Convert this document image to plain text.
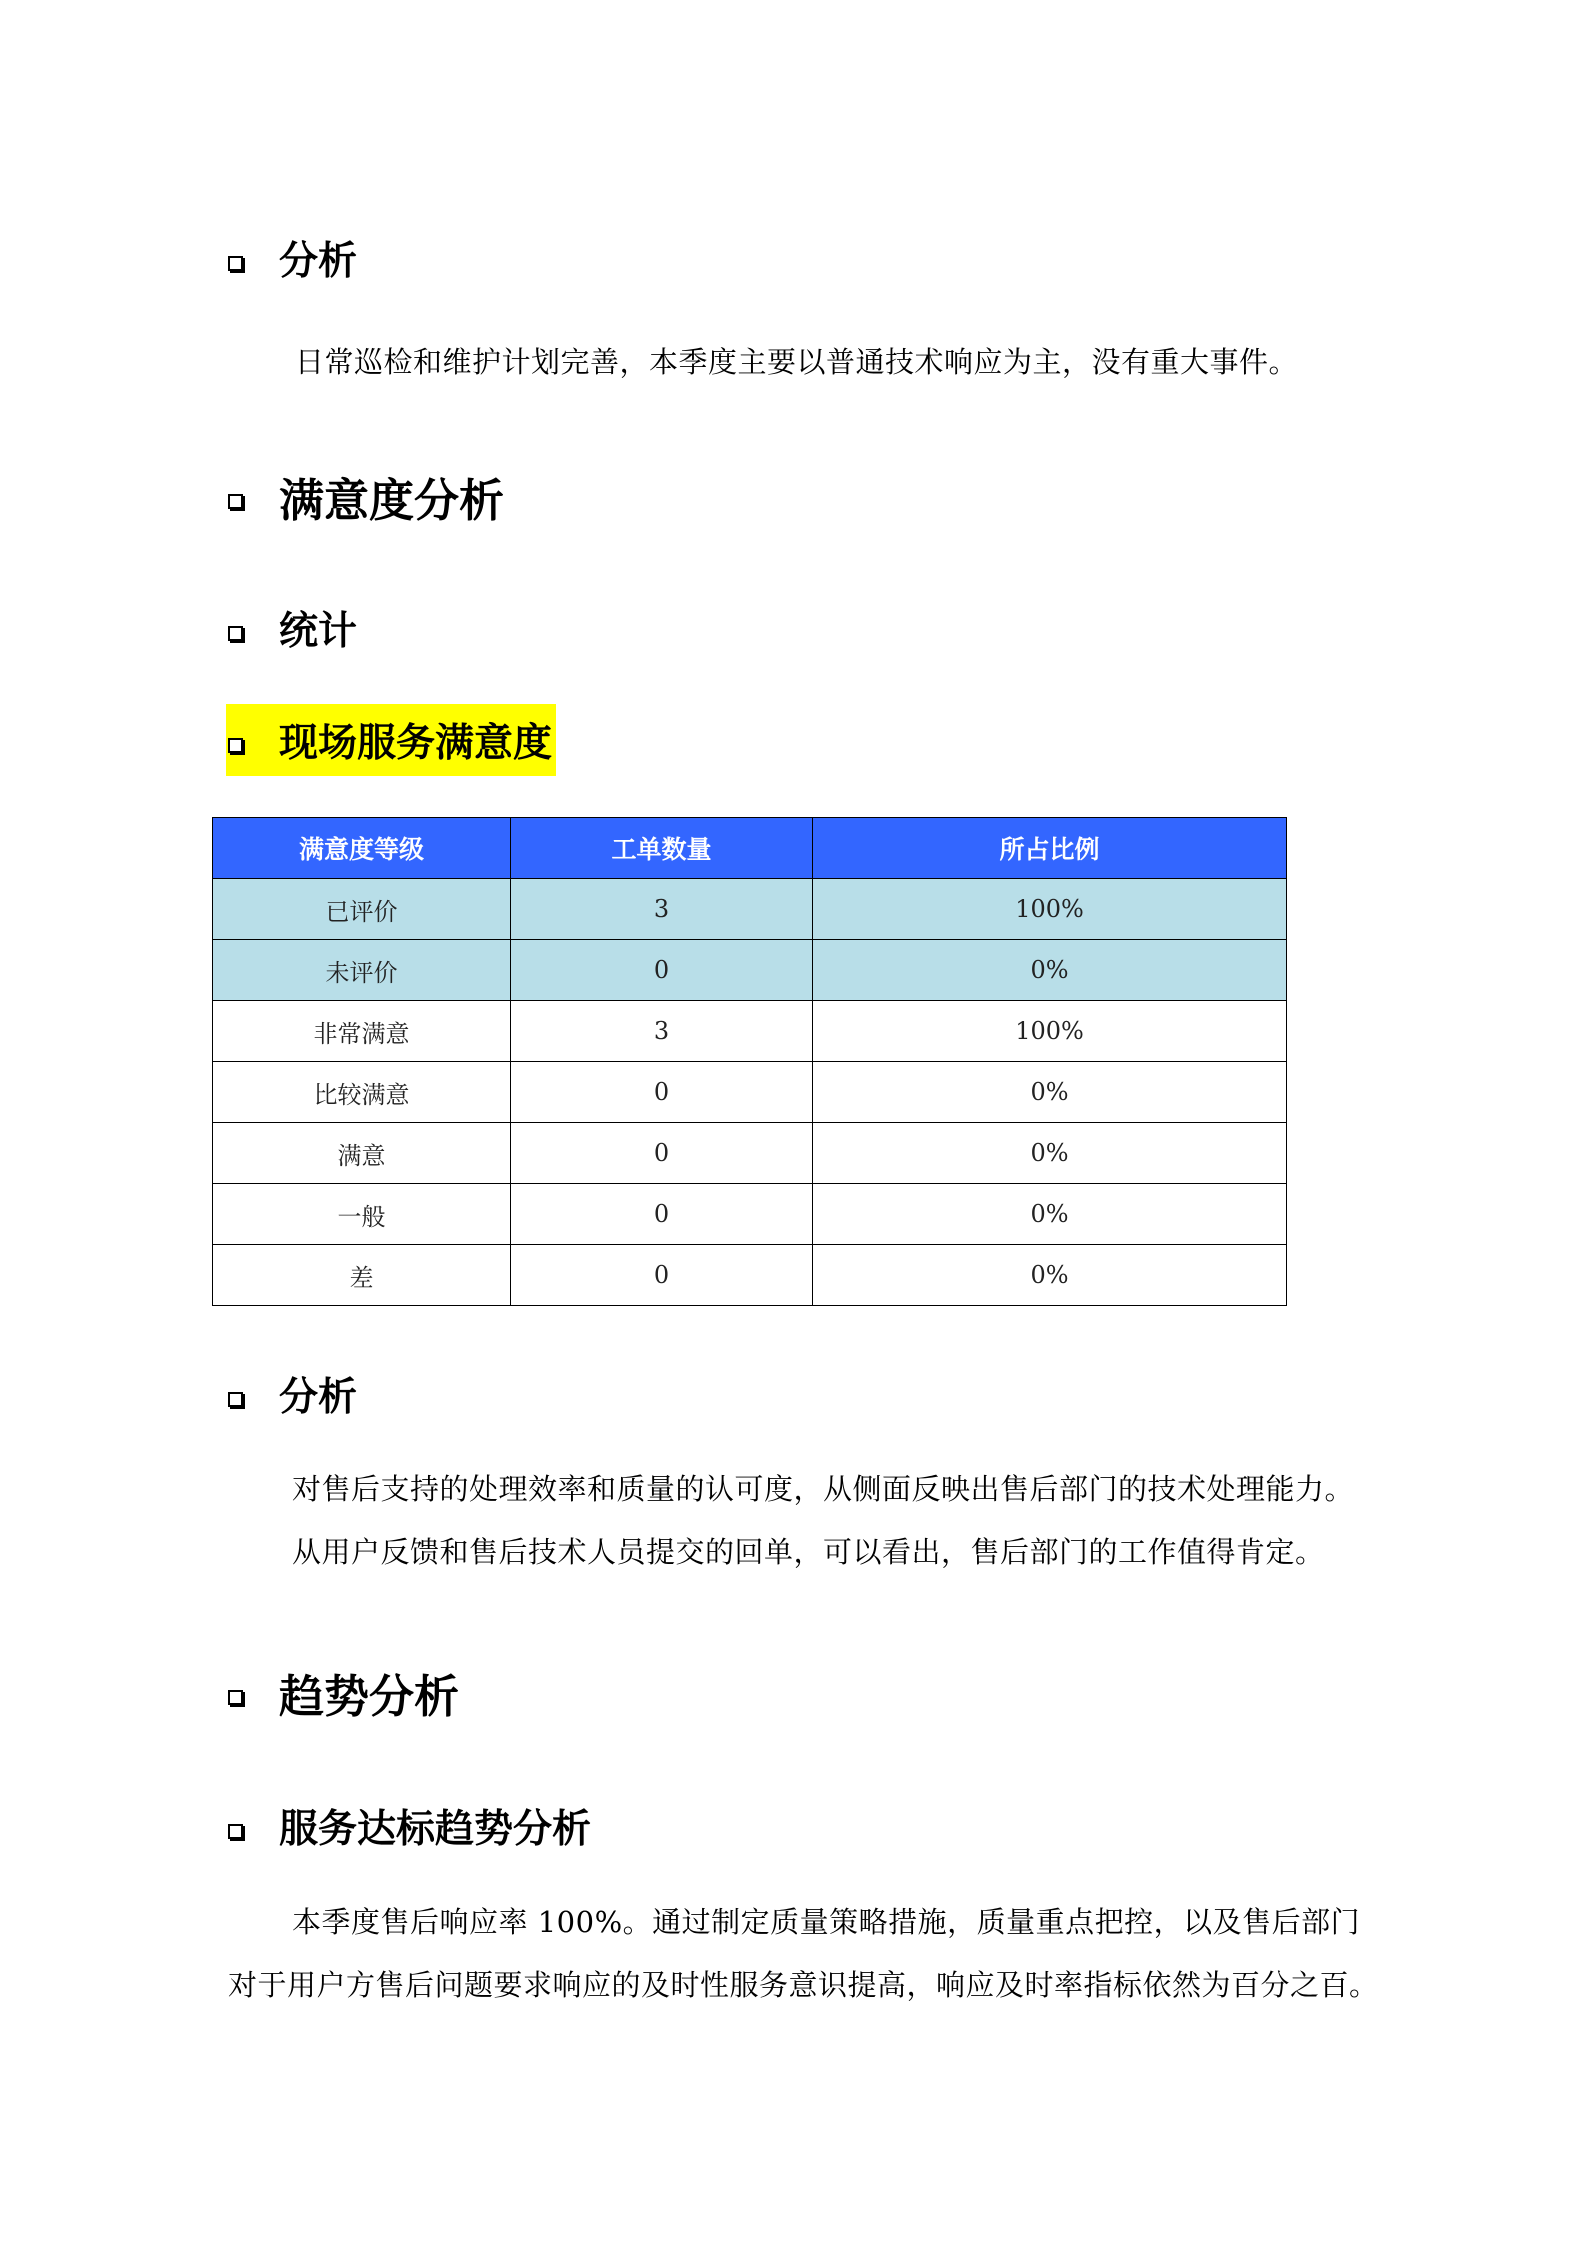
分析
日常巡检和维护计划完善，本季度主要以普通技术响应为主，没有重大事件。
满意度分析
统计
现场服务满意度
满意度等级	工单数量	所占比例
已评价	3	100%
未评价	0	0%
非常满意	3	100%
比较满意	0	0%
满意	0	0%
一般	0	0%
差	0	0%
分析
对售后支持的处理效率和质量的认可度，从侧面反映出售后部门的技术处理能力。
从用户反馈和售后技术人员提交的回单，可以看出，售后部门的工作值得肯定。
趋势分析
服务达标趋势分析
本季度售后响应率 100%。通过制定质量策略措施，质量重点把控，以及售后部门
对于用户方售后问题要求响应的及时性服务意识提高，响应及时率指标依然为百分之百。
